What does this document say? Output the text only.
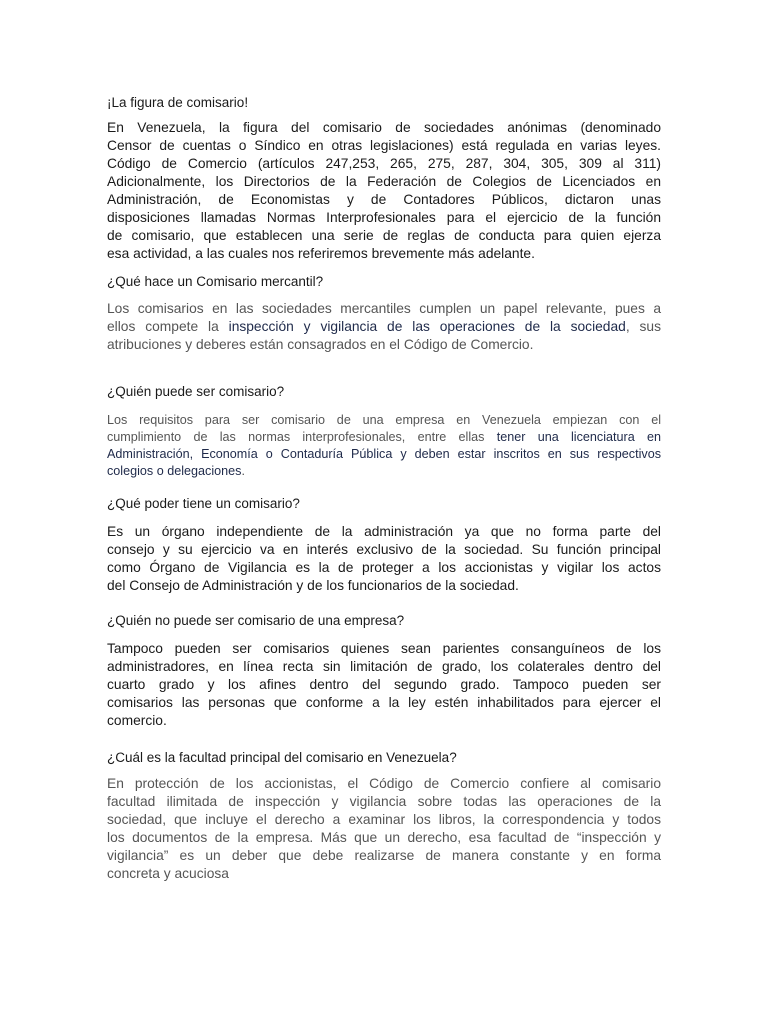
¡La figura de comisario!
En Venezuela, la figura del comisario de sociedades anónimas (denominado
Censor de cuentas o Síndico en otras legislaciones) está regulada en varias leyes.
Código de Comercio (artículos 247,253, 265, 275, 287, 304, 305, 309 al 311)
Adicionalmente, los Directorios de la Federación de Colegios de Licenciados en
Administración, de Economistas y de Contadores Públicos, dictaron unas
disposiciones llamadas Normas Interprofesionales para el ejercicio de la función
de comisario, que establecen una serie de reglas de conducta para quien ejerza
esa actividad, a las cuales nos referiremos brevemente más adelante.
¿Qué hace un Comisario mercantil?
Los comisarios en las sociedades mercantiles cumplen un papel relevante, pues a
ellos compete la inspección y vigilancia de las operaciones de la sociedad, sus
atribuciones y deberes están consagrados en el Código de Comercio.
¿Quién puede ser comisario?
Los requisitos para ser comisario de una empresa en Venezuela empiezan con el
cumplimiento de las normas interprofesionales, entre ellas tener una licenciatura en
Administración, Economía o Contaduría Pública y deben estar inscritos en sus respectivos
colegios o delegaciones.
¿Qué poder tiene un comisario?
Es un órgano independiente de la administración ya que no forma parte del
consejo y su ejercicio va en interés exclusivo de la sociedad. Su función principal
como Órgano de Vigilancia es la de proteger a los accionistas y vigilar los actos
del Consejo de Administración y de los funcionarios de la sociedad.
¿Quién no puede ser comisario de una empresa?
Tampoco pueden ser comisarios quienes sean parientes consanguíneos de los
administradores, en línea recta sin limitación de grado, los colaterales dentro del
cuarto grado y los afines dentro del segundo grado. Tampoco pueden ser
comisarios las personas que conforme a la ley estén inhabilitados para ejercer el
comercio.
¿Cuál es la facultad principal del comisario en Venezuela?
En protección de los accionistas, el Código de Comercio confiere al comisario
facultad ilimitada de inspección y vigilancia sobre todas las operaciones de la
sociedad, que incluye el derecho a examinar los libros, la correspondencia y todos
los documentos de la empresa. Más que un derecho, esa facultad de “inspección y
vigilancia” es un deber que debe realizarse de manera constante y en forma
concreta y acuciosa
